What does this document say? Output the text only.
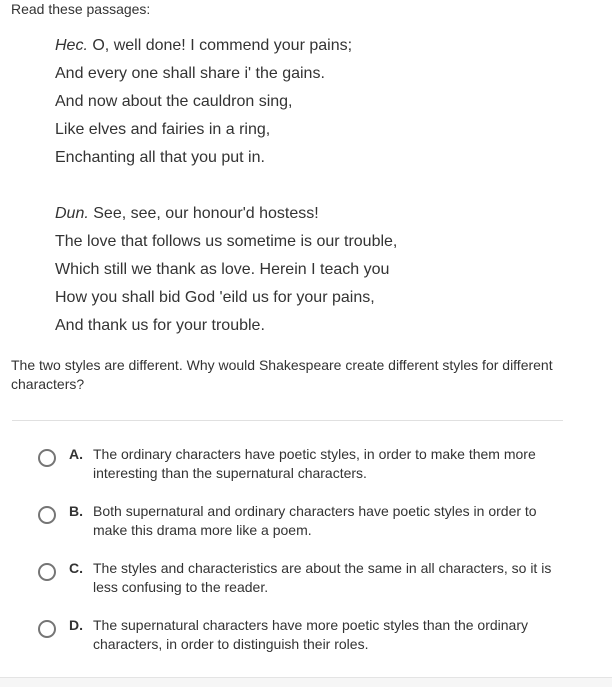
Read these passages:
Hec. O, well done! I commend your pains;
And every one shall share i' the gains.
And now about the cauldron sing,
Like elves and fairies in a ring,
Enchanting all that you put in.
Dun. See, see, our honour'd hostess!
The love that follows us sometime is our trouble,
Which still we thank as love. Herein I teach you
How you shall bid God 'eild us for your pains,
And thank us for your trouble.
The two styles are different. Why would Shakespeare create different styles for different characters?
A. The ordinary characters have poetic styles, in order to make them more interesting than the supernatural characters.
B. Both supernatural and ordinary characters have poetic styles in order to make this drama more like a poem.
C. The styles and characteristics are about the same in all characters, so it is less confusing to the reader.
D. The supernatural characters have more poetic styles than the ordinary characters, in order to distinguish their roles.
